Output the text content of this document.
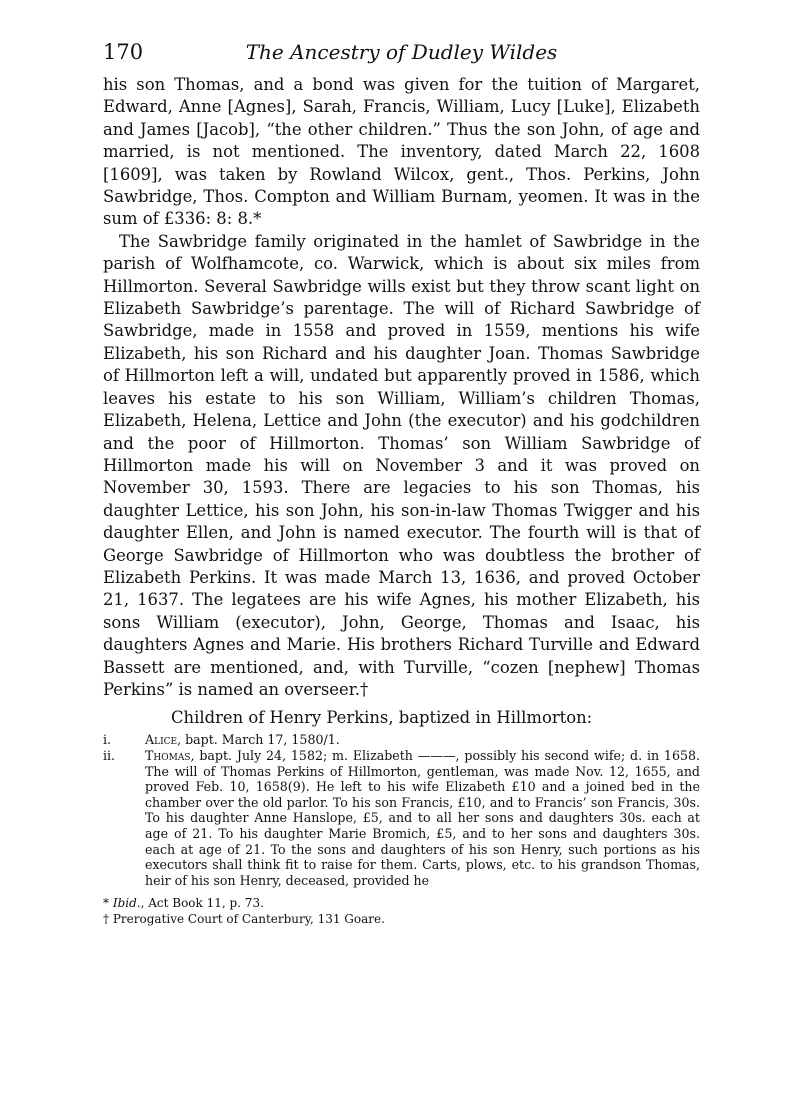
170	The Ancestry of Dudley Wildes

his son Thomas, and a bond was given for the tuition of Margaret, Edward, Anne [Agnes], Sarah, Francis, William, Lucy [Luke], Elizabeth and James [Jacob], “the other children.” Thus the son John, of age and married, is not mentioned. The inventory, dated March 22, 1608 [1609], was taken by Rowland Wilcox, gent., Thos. Perkins, John Sawbridge, Thos. Compton and William Burnam, yeomen. It was in the sum of £336: 8: 8.*

The Sawbridge family originated in the hamlet of Sawbridge in the parish of Wolfhamcote, co. Warwick, which is about six miles from Hillmorton. Several Sawbridge wills exist but they throw scant light on Elizabeth Sawbridge’s parentage. The will of Richard Sawbridge of Sawbridge, made in 1558 and proved in 1559, mentions his wife Elizabeth, his son Richard and his daughter Joan. Thomas Sawbridge of Hillmorton left a will, undated but apparently proved in 1586, which leaves his estate to his son William, William’s children Thomas, Elizabeth, Helena, Lettice and John (the executor) and his godchildren and the poor of Hillmorton. Thomas’ son William Sawbridge of Hillmorton made his will on November 3 and it was proved on November 30, 1593. There are legacies to his son Thomas, his daughter Lettice, his son John, his son-in-law Thomas Twigger and his daughter Ellen, and John is named executor. The fourth will is that of George Sawbridge of Hillmorton who was doubtless the brother of Elizabeth Perkins. It was made March 13, 1636, and proved October 21, 1637. The legatees are his wife Agnes, his mother Elizabeth, his sons William (executor), John, George, Thomas and Isaac, his daughters Agnes and Marie. His brothers Richard Turville and Edward Bassett are mentioned, and, with Turville, “cozen [nephew] Thomas Perkins” is named an overseer.†

Children of Henry Perkins, baptized in Hillmorton:
i.	Alice, bapt. March 17, 1580/1.
ii.	Thomas, bapt. July 24, 1582; m. Elizabeth ———, possibly his second wife; d. in 1658. The will of Thomas Perkins of Hillmorton, gentleman, was made Nov. 12, 1655, and proved Feb. 10, 1658(9). He left to his wife Elizabeth £10 and a joined bed in the chamber over the old parlor. To his son Francis, £10, and to Francis’ son Francis, 30s. To his daughter Anne Hanslope, £5, and to all her sons and daughters 30s. each at age of 21. To his daughter Marie Bromich, £5, and to her sons and daughters 30s. each at age of 21. To the sons and daughters of his son Henry, such portions as his executors shall think fit to raise for them. Carts, plows, etc. to his grandson Thomas, heir of his son Henry, deceased, provided he
* Ibid., Act Book 11, p. 73.
† Prerogative Court of Canterbury, 131 Goare.
